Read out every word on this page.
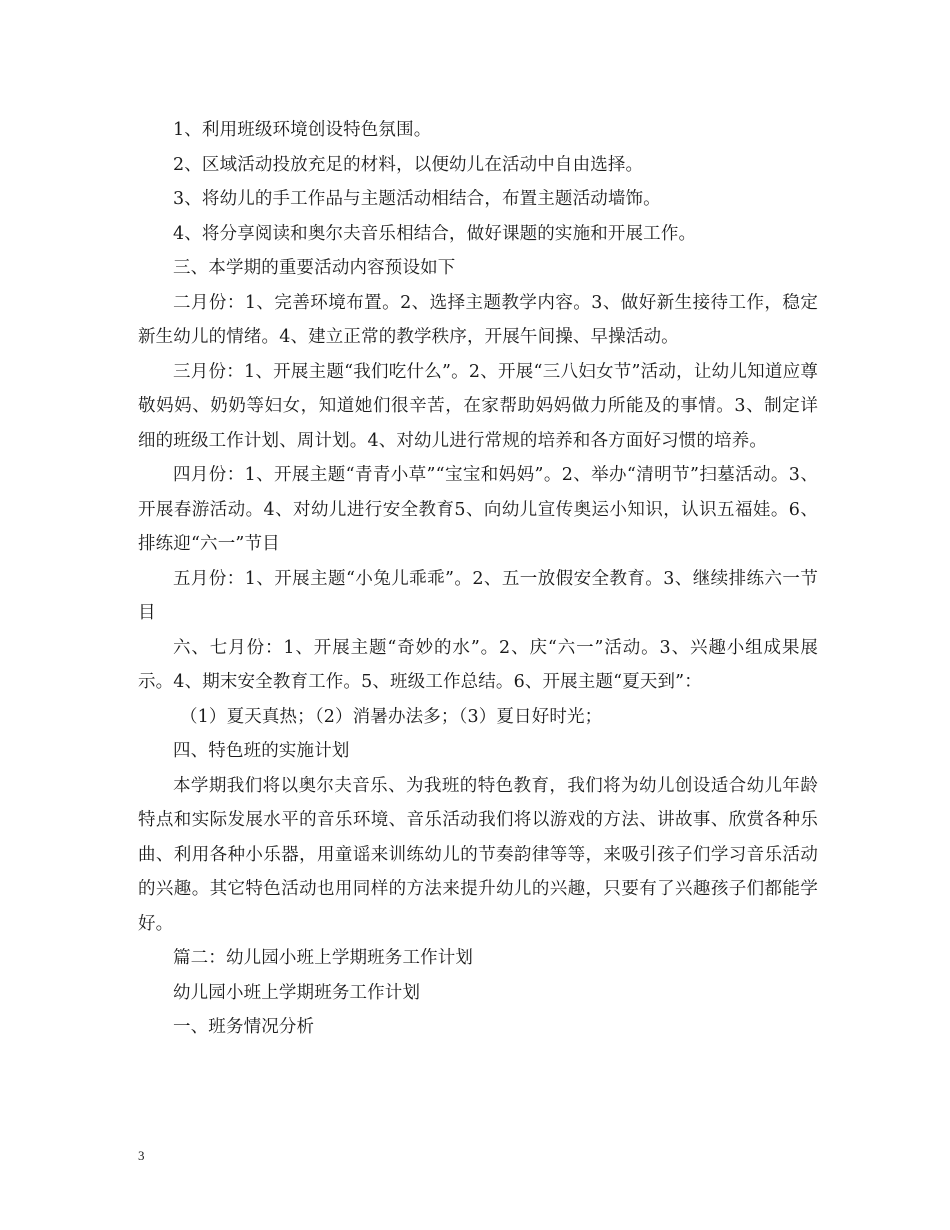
1、利用班级环境创设特色氛围。

2、区域活动投放充足的材料，以便幼儿在活动中自由选择。

3、将幼儿的手工作品与主题活动相结合，布置主题活动墙饰。

4、将分享阅读和奥尔夫音乐相结合，做好课题的实施和开展工作。

三、本学期的重要活动内容预设如下

二月份：1、完善环境布置。2、选择主题教学内容。3、做好新生接待工作，稳定新生幼儿的情绪。4、建立正常的教学秩序，开展午间操、早操活动。

三月份：1、开展主题“我们吃什么”。2、开展“三八妇女节”活动，让幼儿知道应尊敬妈妈、奶奶等妇女，知道她们很辛苦，在家帮助妈妈做力所能及的事情。3、制定详细的班级工作计划、周计划。4、对幼儿进行常规的培养和各方面好习惯的培养。

四月份：1、开展主题“青青小草”“宝宝和妈妈”。2、举办“清明节”扫墓活动。3、开展春游活动。4、对幼儿进行安全教育5、向幼儿宣传奥运小知识，认识五福娃。6、排练迎“六一”节目

五月份：1、开展主题“小兔儿乖乖”。2、五一放假安全教育。3、继续排练六一节目

六、七月份：1、开展主题“奇妙的水”。2、庆“六一”活动。3、兴趣小组成果展示。4、期末安全教育工作。5、班级工作总结。6、开展主题“夏天到”：

（1）夏天真热；（2）消暑办法多；（3）夏日好时光；

四、特色班的实施计划

本学期我们将以奥尔夫音乐、为我班的特色教育，我们将为幼儿创设适合幼儿年龄特点和实际发展水平的音乐环境、音乐活动我们将以游戏的方法、讲故事、欣赏各种乐曲、利用各种小乐器，用童谣来训练幼儿的节奏韵律等等，来吸引孩子们学习音乐活动的兴趣。其它特色活动也用同样的方法来提升幼儿的兴趣，只要有了兴趣孩子们都能学好。

篇二：幼儿园小班上学期班务工作计划

幼儿园小班上学期班务工作计划

一、班务情况分析

3
